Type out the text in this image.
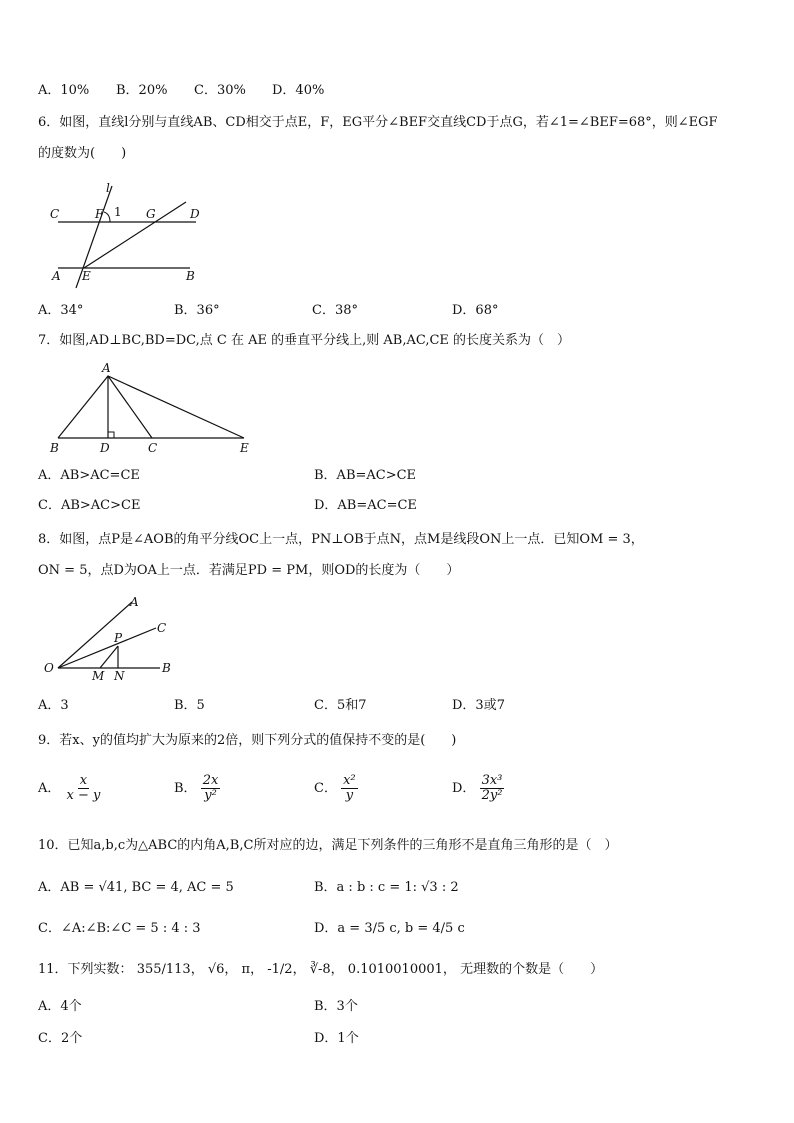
A．10% B．20% C．30% D．40%
6．如图，直线l分别与直线AB、CD相交于点E，F，EG平分∠BEF交直线CD于点G，若∠1=∠BEF=68°，则∠EGF
的度数为(　　)
C	F 1 G	D
l
A E	B
A．34°	B．36°	C．38°	D．68°
7．如图,AD⊥BC,BD=DC,点 C 在 AE 的垂直平分线上,则 AB,AC,CE 的长度关系为（　）
A
B	D	C	E
A．AB>AC=CE	B．AB=AC>CE
C．AB>AC>CE	D．AB=AC=CE
8．如图，点P是∠AOB的角平分线OC上一点，PN⊥OB于点N，点M是线段ON上一点．已知OM = 3，
ON = 5，点D为OA上一点．若满足PD = PM，则OD的长度为（　　）
A
C
P
O
M N
B
A．3	B．5	C．5和7	D．3或7
9．若x、y的值均扩大为原来的2倍，则下列分式的值保持不变的是(　　)
A． $\frac{x}{x - y}$	B． $\frac{2x}{\text{y²}}$	C． $\frac{\text{x²}}{y}$	D． $\frac{\text{3x³}}{\text{2y²}}$
10．已知a,b,c为△ABC的内角A,B,C所对应的边，满足下列条件的三角形不是直角三角形的是（　）
A．AB = √41, BC = 4, AC = 5	B．a : b : c = 1: √3 : 2
C．∠A:∠B:∠C = 5 : 4 : 3	D．a = 3/5 c, b = 4/5 c
11．下列实数： 355/113， √6， π， -1/2， ∛-8， 0.1010010001， 无理数的个数是（　　）
A．4个	B．3个
C．2个	D．1个
